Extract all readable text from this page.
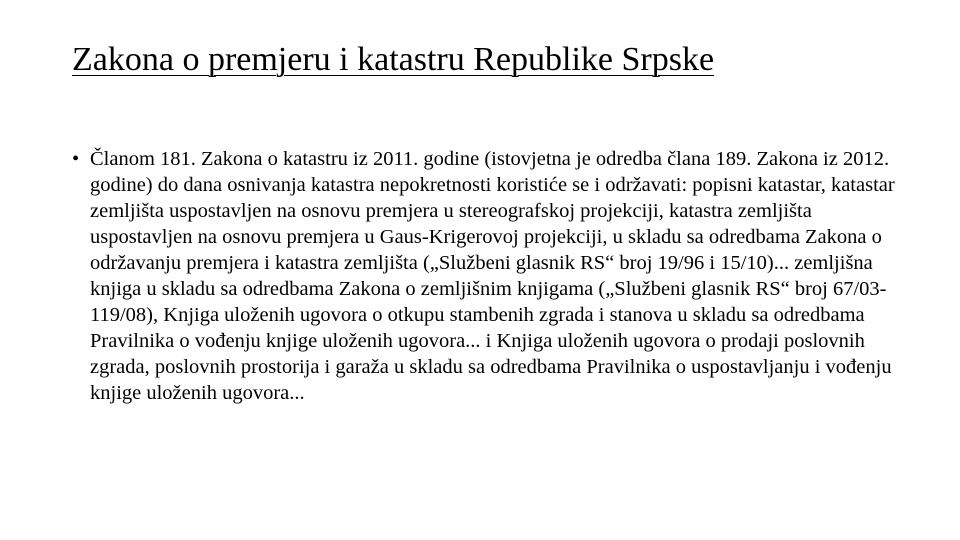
Zakona o premjeru i katastru Republike Srpske
• Članom 181. Zakona o katastru iz 2011. godine (istovjetna je odredba člana 189. Zakona iz 2012. godine) do dana osnivanja katastra nepokretnosti koristiće se i održavati: popisni katastar, katastar zemljišta uspostavljen na osnovu premjera u stereografskoj projekciji, katastra zemljišta uspostavljen na osnovu premjera u Gaus-Krigerovoj projekciji, u skladu sa odredbama Zakona o održavanju premjera i katastra zemljišta („Službeni glasnik RS“ broj 19/96 i 15/10)... zemljišna knjiga u skladu sa odredbama Zakona o zemljišnim knjigama („Službeni glasnik RS“ broj 67/03-119/08), Knjiga uloženih ugovora o otkupu stambenih zgrada i stanova u skladu sa odredbama Pravilnika o vođenju knjige uloženih ugovora... i Knjiga uloženih ugovora o prodaji poslovnih zgrada, poslovnih prostorija i garaža u skladu sa odredbama Pravilnika o uspostavljanju i vođenju knjige uloženih ugovora...
